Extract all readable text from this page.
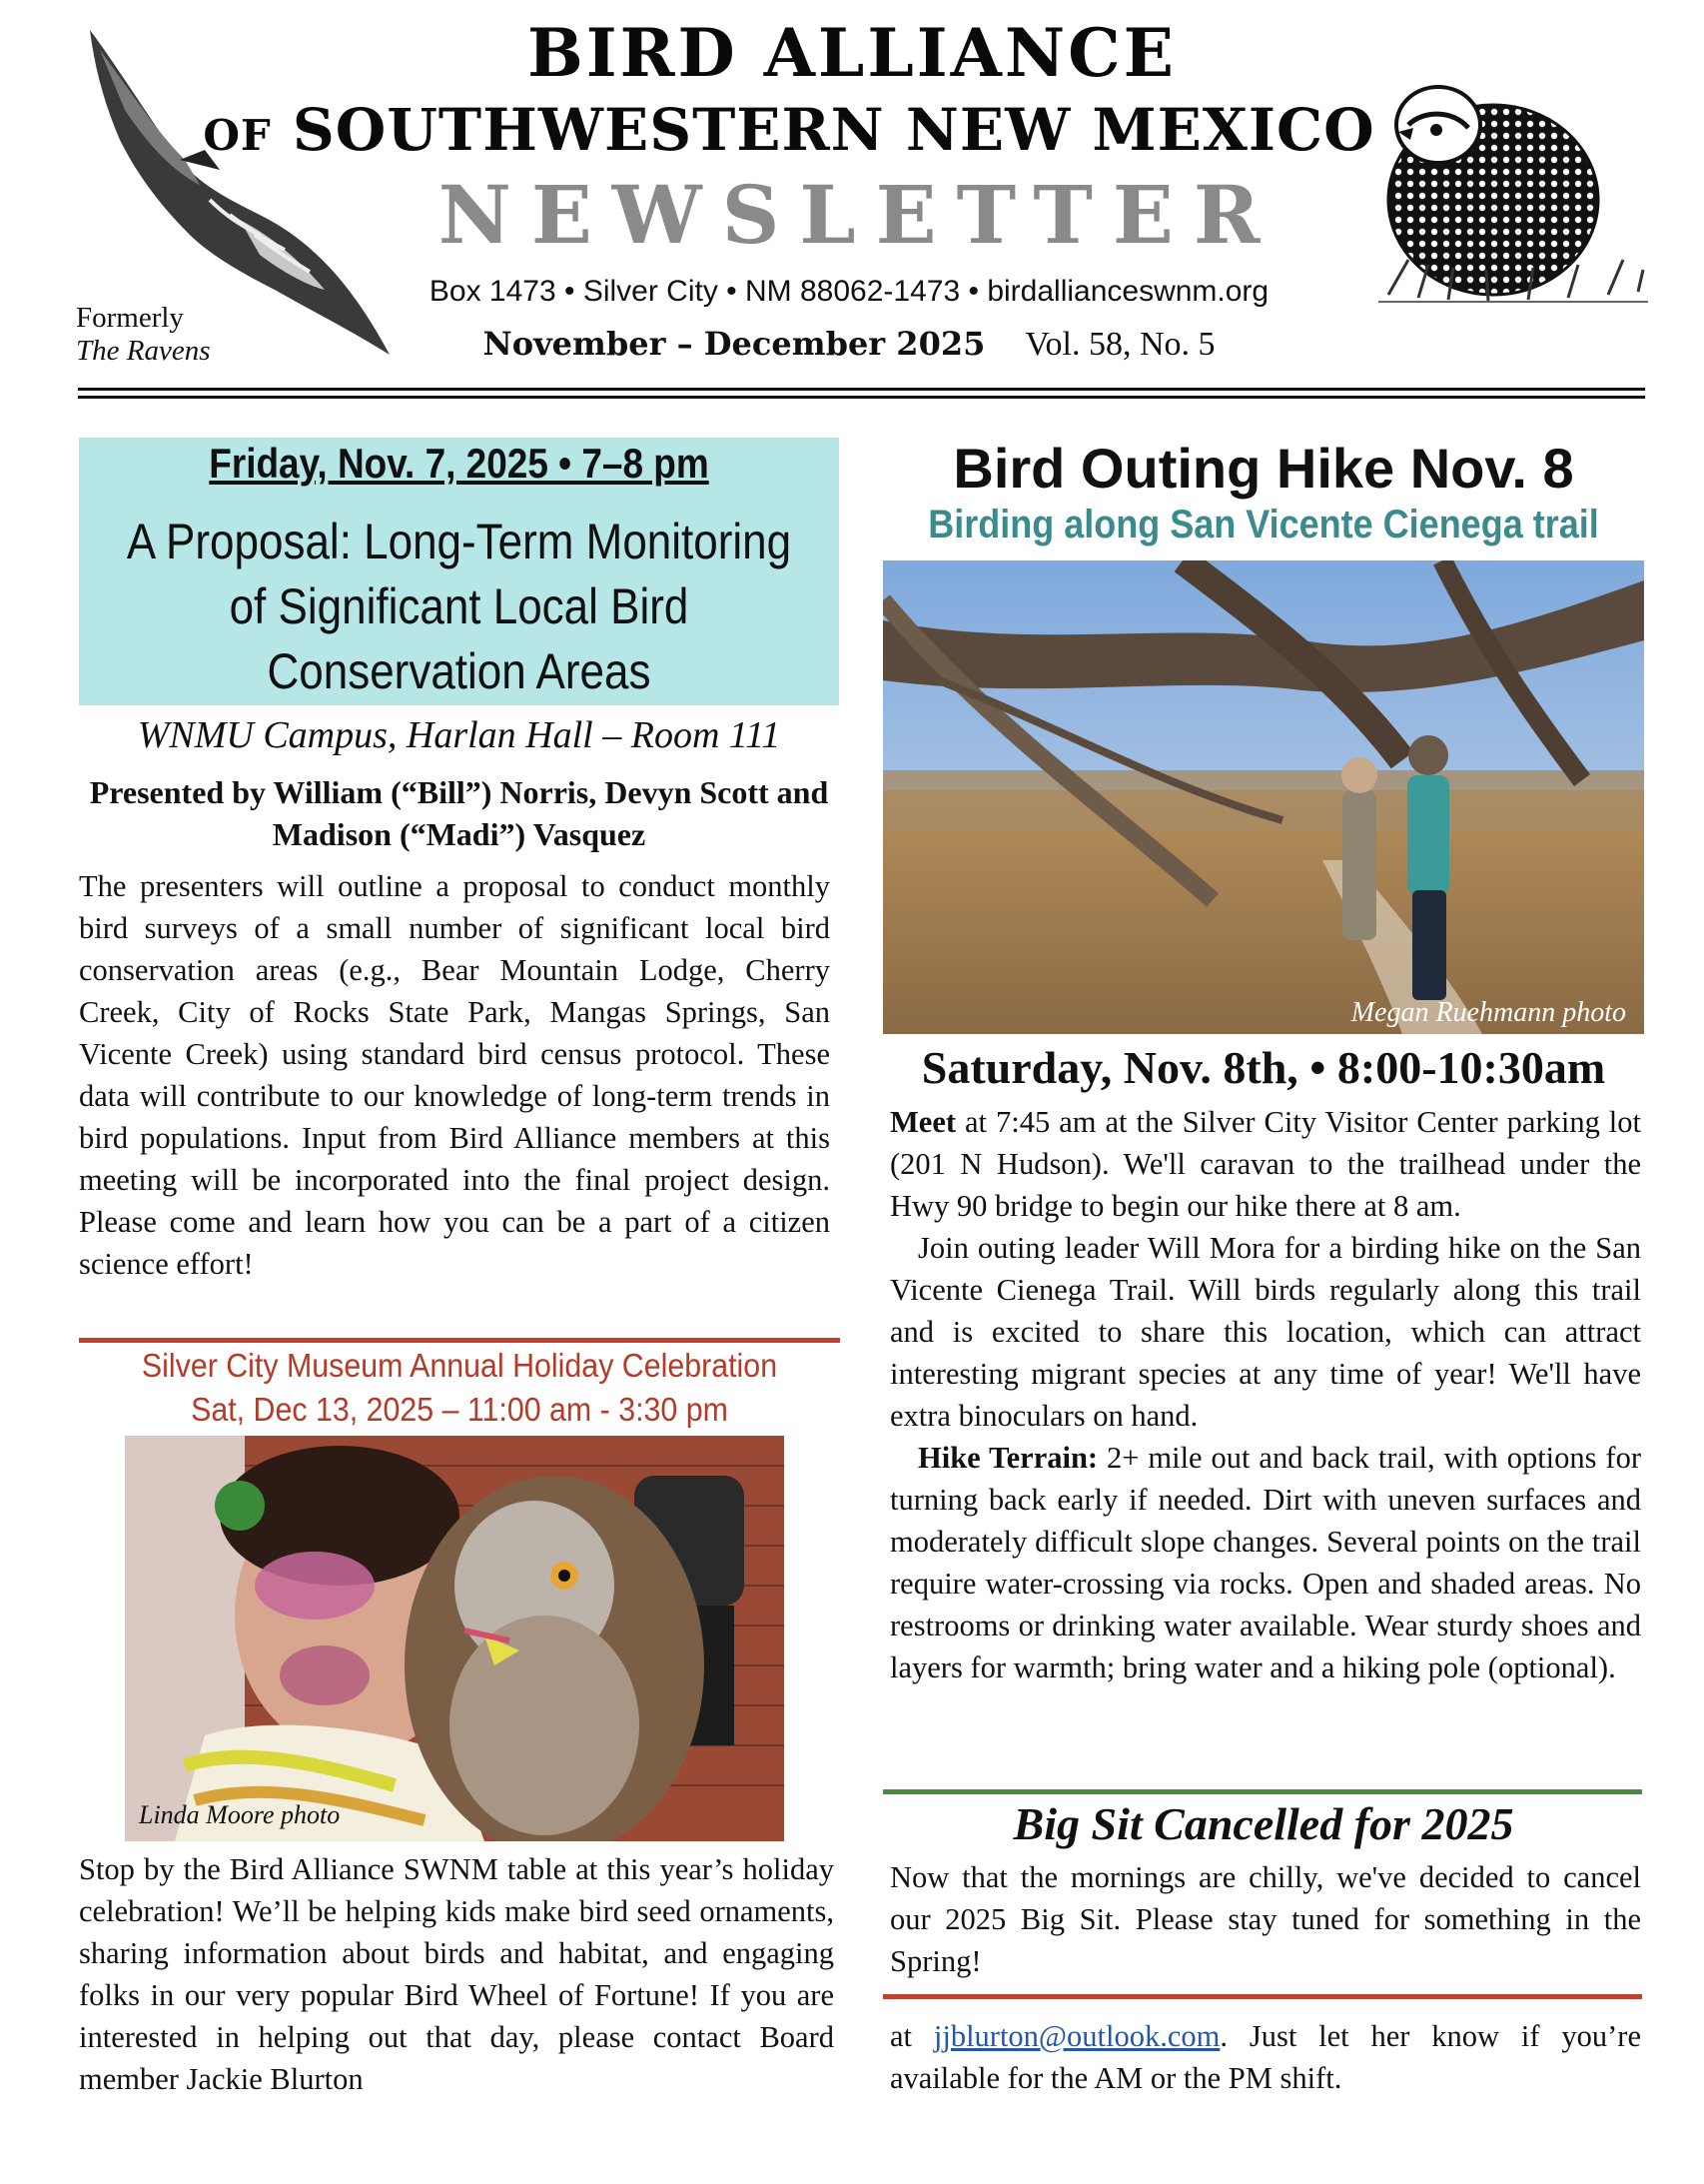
BIRD ALLIANCE
OF SOUTHWESTERN NEW MEXICO
NEWSLETTER
Box 1473 • Silver City • NM 88062-1473 • birdallianceswnm.org
November – December 2025 Vol. 58, No. 5
Formerly
The Ravens
Friday, Nov. 7, 2025 • 7–8 pm
A Proposal: Long-Term Monitoring of Significant Local Bird Conservation Areas
WNMU Campus, Harlan Hall – Room 111
Presented by William (“Bill”) Norris, Devyn Scott and Madison (“Madi”) Vasquez
The presenters will outline a proposal to conduct monthly bird surveys of a small number of significant local bird conservation areas (e.g., Bear Mountain Lodge, Cherry Creek, City of Rocks State Park, Mangas Springs, San Vicente Creek) using standard bird census protocol. These data will contribute to our knowledge of long-term trends in bird populations. Input from Bird Alliance members at this meeting will be incorporated into the final project design. Please come and learn how you can be a part of a citizen science effort!
Silver City Museum Annual Holiday Celebration
Sat, Dec 13, 2025 – 11:00 am - 3:30 pm
Linda Moore photo
Stop by the Bird Alliance SWNM table at this year’s holiday celebration! We’ll be helping kids make bird seed ornaments, sharing information about birds and habitat, and engaging folks in our very popular Bird Wheel of Fortune! If you are interested in helping out that day, please contact Board member Jackie Blurton
Bird Outing Hike Nov. 8
Birding along San Vicente Cienega trail
Megan Ruehmann photo
Saturday, Nov. 8th, • 8:00-10:30am

Meet at 7:45 am at the Silver City Visitor Center parking lot (201 N Hudson). We'll caravan to the trailhead under the Hwy 90 bridge to begin our hike there at 8 am.

Join outing leader Will Mora for a birding hike on the San Vicente Cienega Trail. Will birds regularly along this trail and is excited to share this location, which can attract interesting migrant species at any time of year! We'll have extra binoculars on hand.

Hike Terrain: 2+ mile out and back trail, with options for turning back early if needed. Dirt with uneven surfaces and moderately difficult slope changes. Several points on the trail require water-crossing via rocks. Open and shaded areas. No restrooms or drinking water available. Wear sturdy shoes and layers for warmth; bring water and a hiking pole (optional).

Big Sit Cancelled for 2025
Now that the mornings are chilly, we've decided to cancel our 2025 Big Sit. Please stay tuned for something in the Spring!
at jjblurton@outlook.com. Just let her know if you’re available for the AM or the PM shift.
